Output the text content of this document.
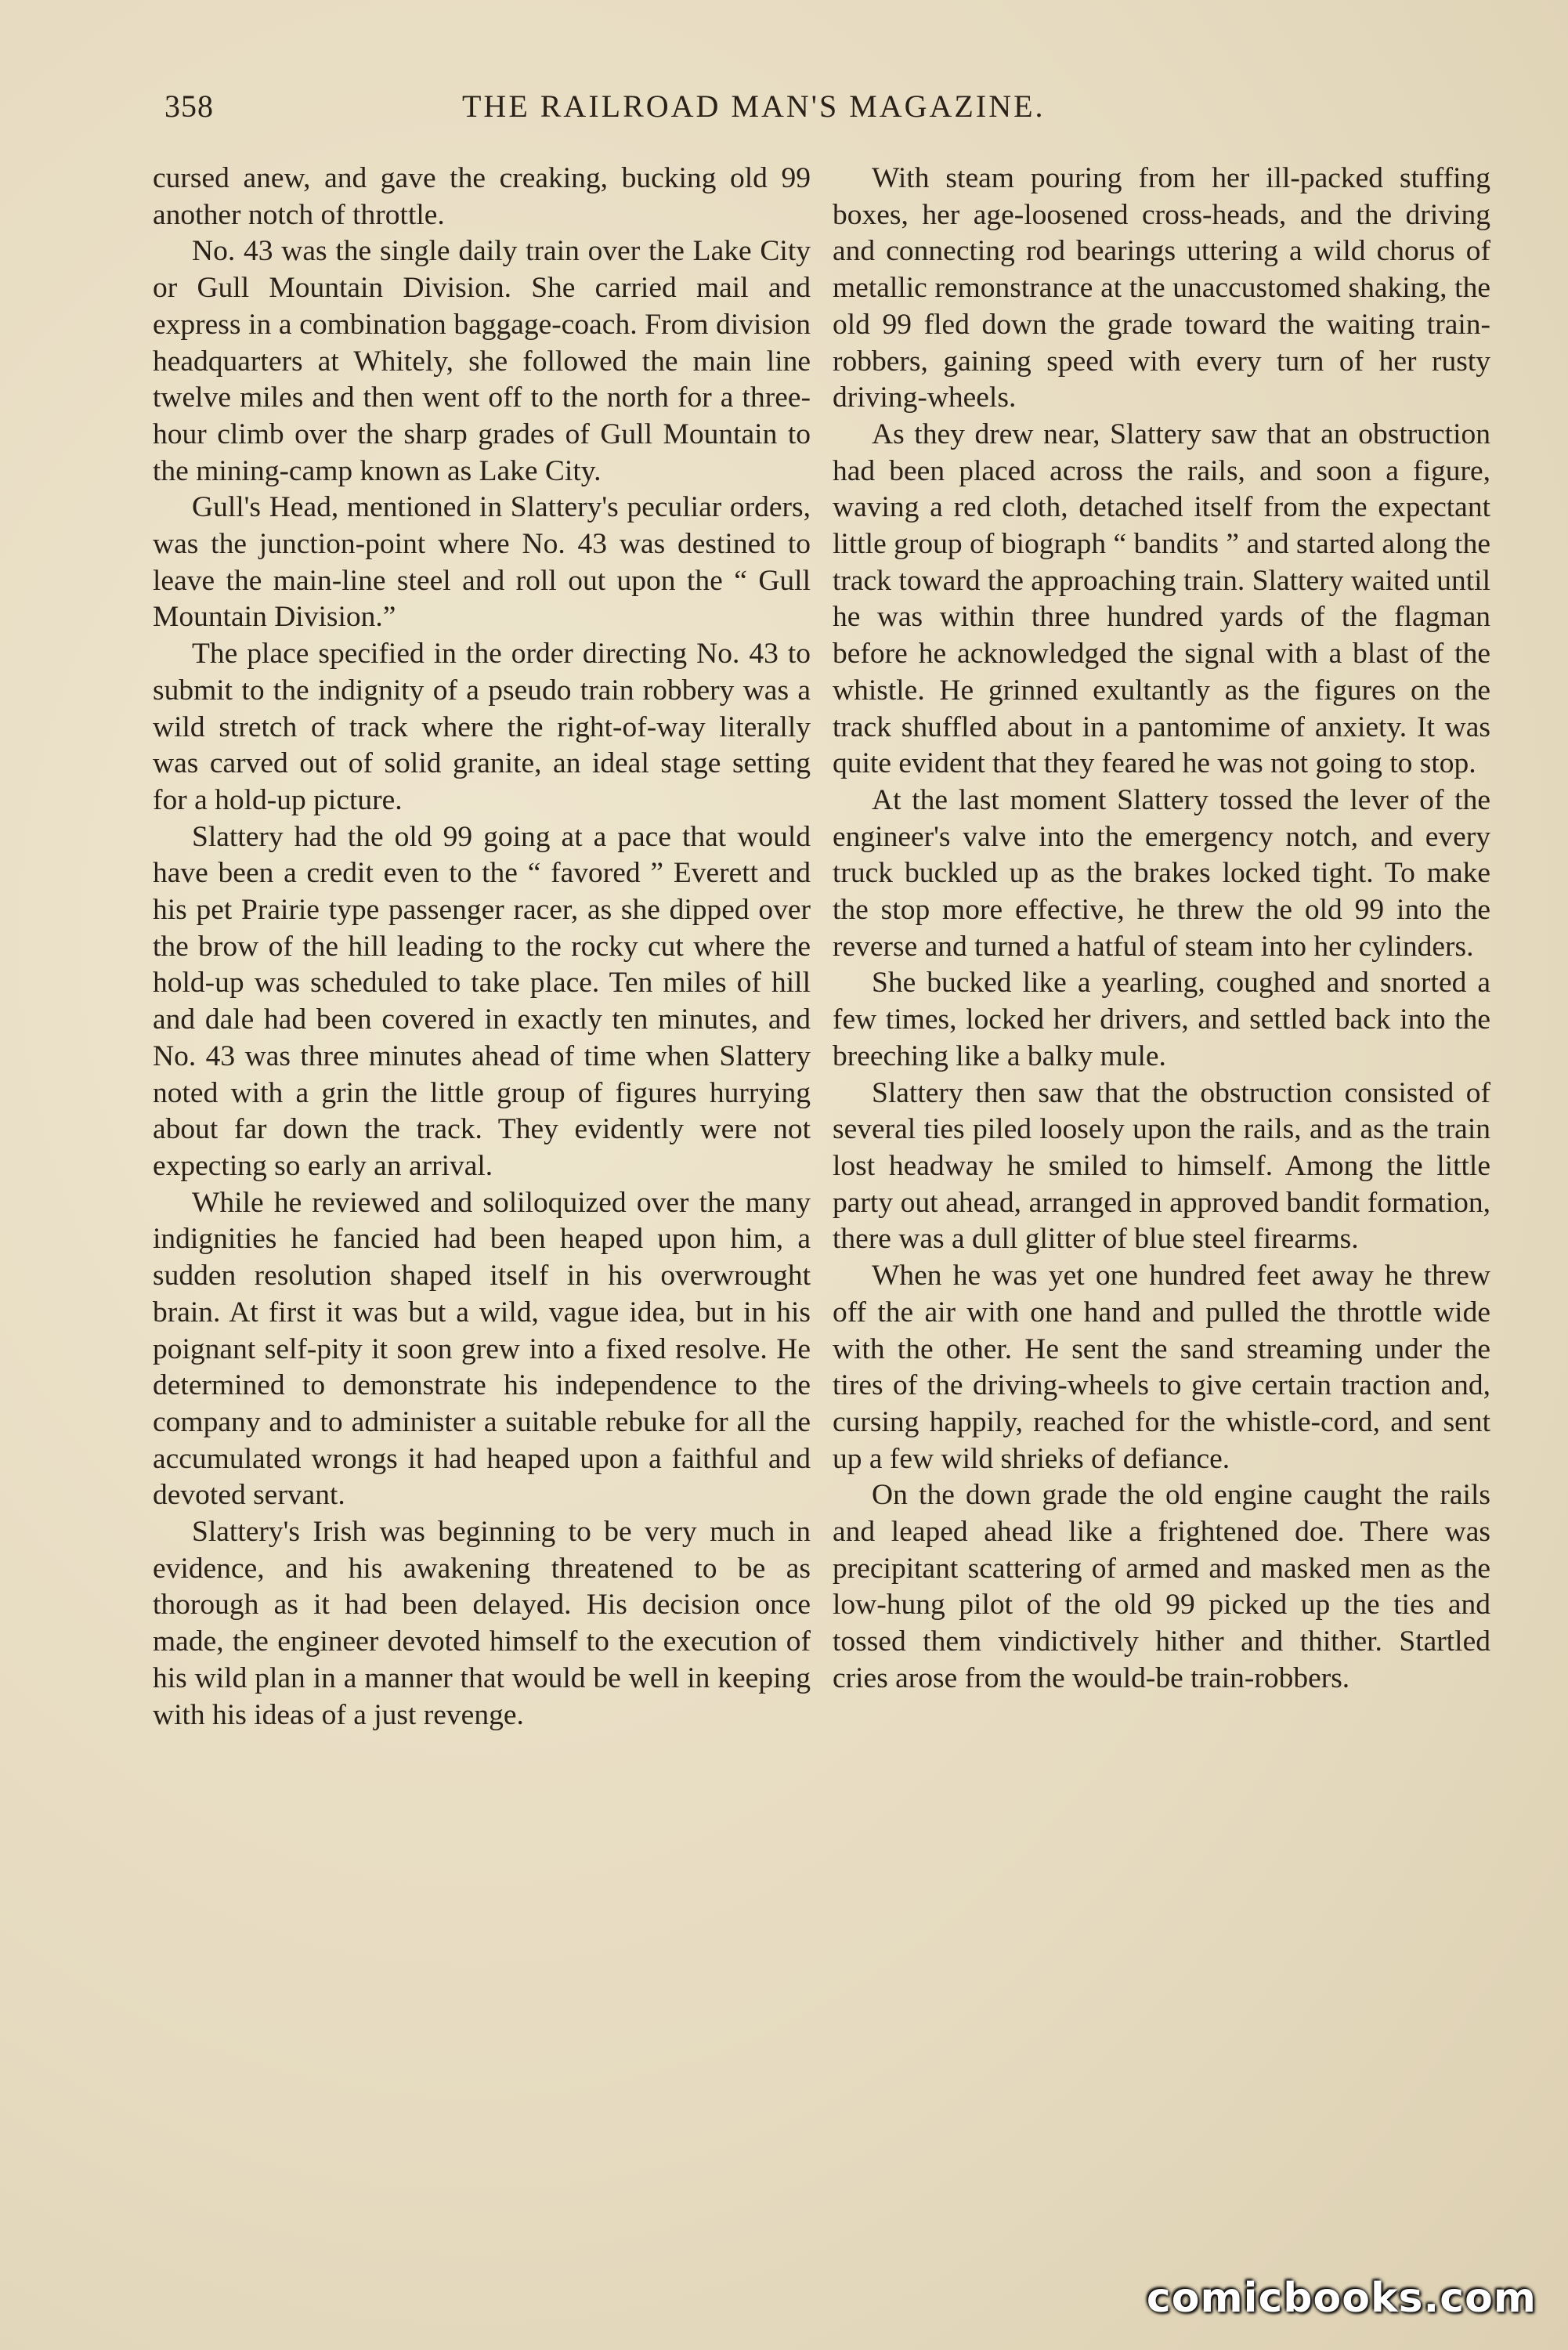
358	THE RAILROAD MAN'S MAGAZINE.

cursed anew, and gave the creaking, bucking old 99 another notch of throttle.

No. 43 was the single daily train over the Lake City or Gull Mountain Division. She carried mail and express in a combination baggage-coach. From division headquarters at Whitely, she followed the main line twelve miles and then went off to the north for a three-hour climb over the sharp grades of Gull Mountain to the mining-camp known as Lake City.

Gull's Head, mentioned in Slattery's peculiar orders, was the junction-point where No. 43 was destined to leave the main-line steel and roll out upon the “ Gull Mountain Division.”

The place specified in the order directing No. 43 to submit to the indignity of a pseudo train robbery was a wild stretch of track where the right-of-way literally was carved out of solid granite, an ideal stage setting for a hold-up picture.

Slattery had the old 99 going at a pace that would have been a credit even to the “ favored ” Everett and his pet Prairie type passenger racer, as she dipped over the brow of the hill leading to the rocky cut where the hold-up was scheduled to take place. Ten miles of hill and dale had been covered in exactly ten minutes, and No. 43 was three minutes ahead of time when Slattery noted with a grin the little group of figures hurrying about far down the track. They evidently were not expecting so early an arrival.

While he reviewed and soliloquized over the many indignities he fancied had been heaped upon him, a sudden resolution shaped itself in his overwrought brain. At first it was but a wild, vague idea, but in his poignant self-pity it soon grew into a fixed resolve. He determined to demonstrate his independence to the company and to administer a suitable rebuke for all the accumulated wrongs it had heaped upon a faithful and devoted servant.

Slattery's Irish was beginning to be very much in evidence, and his awakening threatened to be as thorough as it had been delayed. His decision once made, the engineer devoted himself to the execution of his wild plan in a manner that would be well in keeping with his ideas of a just revenge.

With steam pouring from her ill-packed stuffing boxes, her age-loosened cross-heads, and the driving and connecting rod bearings uttering a wild chorus of metallic remonstrance at the unaccustomed shaking, the old 99 fled down the grade toward the waiting train-robbers, gaining speed with every turn of her rusty driving-wheels.

As they drew near, Slattery saw that an obstruction had been placed across the rails, and soon a figure, waving a red cloth, detached itself from the expectant little group of biograph “ bandits ” and started along the track toward the approaching train. Slattery waited until he was within three hundred yards of the flagman before he acknowledged the signal with a blast of the whistle. He grinned exultantly as the figures on the track shuffled about in a pantomime of anxiety. It was quite evident that they feared he was not going to stop.

At the last moment Slattery tossed the lever of the engineer's valve into the emergency notch, and every truck buckled up as the brakes locked tight. To make the stop more effective, he threw the old 99 into the reverse and turned a hatful of steam into her cylinders.

She bucked like a yearling, coughed and snorted a few times, locked her drivers, and settled back into the breeching like a balky mule.

Slattery then saw that the obstruction consisted of several ties piled loosely upon the rails, and as the train lost headway he smiled to himself. Among the little party out ahead, arranged in approved bandit formation, there was a dull glitter of blue steel firearms.

When he was yet one hundred feet away he threw off the air with one hand and pulled the throttle wide with the other. He sent the sand streaming under the tires of the driving-wheels to give certain traction and, cursing happily, reached for the whistle-cord, and sent up a few wild shrieks of defiance.

On the down grade the old engine caught the rails and leaped ahead like a frightened doe. There was precipitant scattering of armed and masked men as the low-hung pilot of the old 99 picked up the ties and tossed them vindictively hither and thither. Startled cries arose from the would-be train-robbers.

comicbooks.com
